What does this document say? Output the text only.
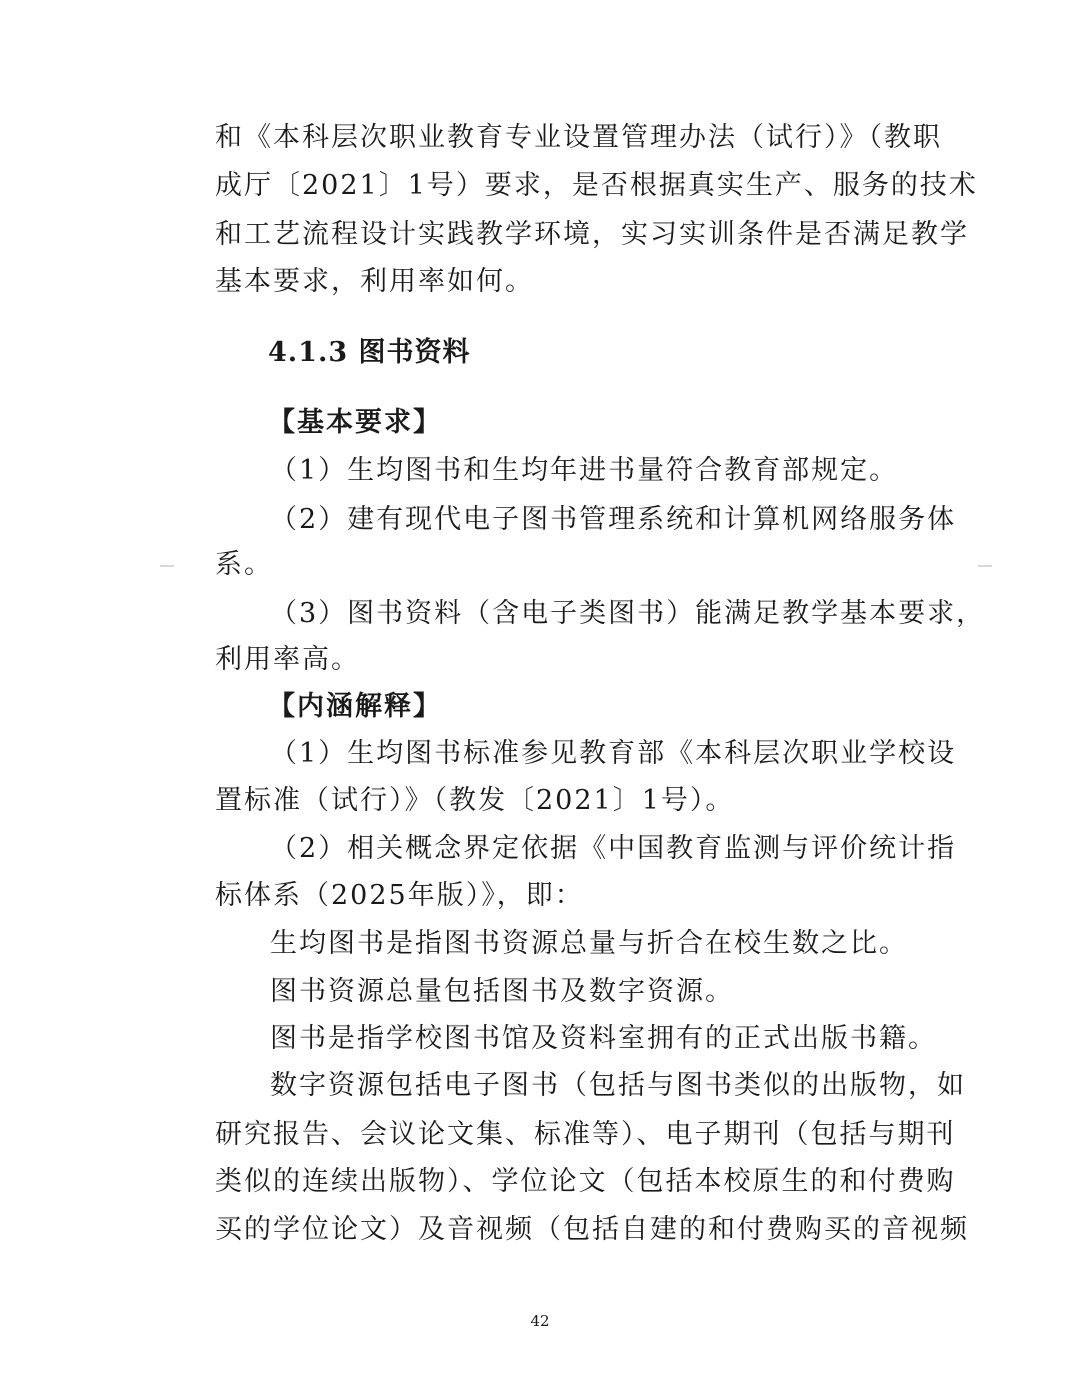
和《本科层次职业教育专业设置管理办法（试行）》（教职
成厅〔2021〕1号）要求，是否根据真实生产、服务的技术
和工艺流程设计实践教学环境，实习实训条件是否满足教学
基本要求，利用率如何。
4.1.3 图书资料
【基本要求】
（1）生均图书和生均年进书量符合教育部规定。
（2）建有现代电子图书管理系统和计算机网络服务体
系。
（3）图书资料（含电子类图书）能满足教学基本要求，
利用率高。
【内涵解释】
（1）生均图书标准参见教育部《本科层次职业学校设
置标准（试行）》（教发〔2021〕1号）。
（2）相关概念界定依据《中国教育监测与评价统计指
标体系（2025年版）》，即：
生均图书是指图书资源总量与折合在校生数之比。
图书资源总量包括图书及数字资源。
图书是指学校图书馆及资料室拥有的正式出版书籍。
数字资源包括电子图书（包括与图书类似的出版物，如
研究报告、会议论文集、标准等）、电子期刊（包括与期刊
类似的连续出版物）、学位论文（包括本校原生的和付费购
买的学位论文）及音视频（包括自建的和付费购买的音视频
42
